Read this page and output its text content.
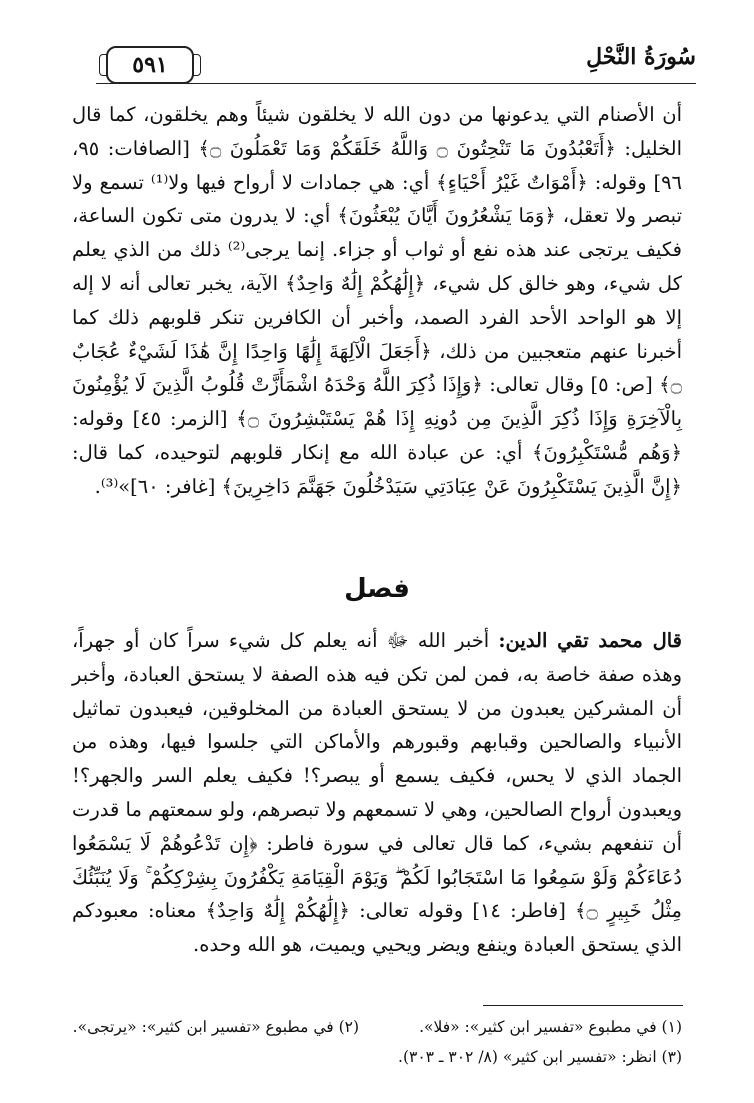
٥٩١	سُورَةُ النَّحْلِ

أن الأصنام التي يدعونها من دون الله لا يخلقون شيئاً وهم يخلقون، كما قال الخليل: ﴿أَتَعْبُدُونَ مَا تَنْحِتُونَ ۝ وَاللَّهُ خَلَقَكُمْ وَمَا تَعْمَلُونَ ۝﴾ [الصافات: ٩٥، ٩٦] وقوله: ﴿أَمْوَاتٌ غَيْرُ أَحْيَاءٍ﴾ أي: هي جمادات لا أرواح فيها ولا⁽¹⁾ تسمع ولا تبصر ولا تعقل، ﴿وَمَا يَشْعُرُونَ أَيَّانَ يُبْعَثُونَ﴾ أي: لا يدرون متى تكون الساعة، فكيف يرتجى عند هذه نفع أو ثواب أو جزاء. إنما يرجى⁽²⁾ ذلك من الذي يعلم كل شيء، وهو خالق كل شيء، ﴿إِلَٰهُكُمْ إِلَٰهٌ وَاحِدٌ﴾ الآية، يخبر تعالى أنه لا إله إلا هو الواحد الأحد الفرد الصمد، وأخبر أن الكافرين تنكر قلوبهم ذلك كما أخبرنا عنهم متعجبين من ذلك، ﴿أَجَعَلَ الْآلِهَةَ إِلَٰهًا وَاحِدًا إِنَّ هَٰذَا لَشَيْءٌ عُجَابٌ ۝﴾ [ص: ٥] وقال تعالى: ﴿وَإِذَا ذُكِرَ اللَّهُ وَحْدَهُ اشْمَأَزَّتْ قُلُوبُ الَّذِينَ لَا يُؤْمِنُونَ بِالْآخِرَةِ وَإِذَا ذُكِرَ الَّذِينَ مِن دُونِهِ إِذَا هُمْ يَسْتَبْشِرُونَ ۝﴾ [الزمر: ٤٥] وقوله: ﴿وَهُم مُّسْتَكْبِرُونَ﴾ أي: عن عبادة الله مع إنكار قلوبهم لتوحيده، كما قال: ﴿إِنَّ الَّذِينَ يَسْتَكْبِرُونَ عَنْ عِبَادَتِي سَيَدْخُلُونَ جَهَنَّمَ دَاخِرِينَ﴾ [غافر: ٦٠]»⁽³⁾.

فصل

قال محمد تقي الدين: أخبر الله ﷻ أنه يعلم كل شيء سراً كان أو جهراً، وهذه صفة خاصة به، فمن لمن تكن فيه هذه الصفة لا يستحق العبادة، وأخبر أن المشركين يعبدون من لا يستحق العبادة من المخلوقين، فيعبدون تماثيل الأنبياء والصالحين وقبابهم وقبورهم والأماكن التي جلسوا فيها، وهذه من الجماد الذي لا يحس، فكيف يسمع أو يبصر؟! فكيف يعلم السر والجهر؟! ويعبدون أرواح الصالحين، وهي لا تسمعهم ولا تبصرهم، ولو سمعتهم ما قدرت أن تنفعهم بشيء، كما قال تعالى في سورة فاطر: ﴿إِن تَدْعُوهُمْ لَا يَسْمَعُوا دُعَاءَكُمْ وَلَوْ سَمِعُوا مَا اسْتَجَابُوا لَكُمْ ۖ وَيَوْمَ الْقِيَامَةِ يَكْفُرُونَ بِشِرْكِكُمْ ۚ وَلَا يُنَبِّئُكَ مِثْلُ خَبِيرٍ ۝﴾ [فاطر: ١٤] وقوله تعالى: ﴿إِلَٰهُكُمْ إِلَٰهٌ وَاحِدٌ﴾ معناه: معبودكم الذي يستحق العبادة وينفع ويضر ويحيي ويميت، هو الله وحده.

(١) في مطبوع «تفسير ابن كثير»: «فلا».
(٢) في مطبوع «تفسير ابن كثير»: «يرتجى».
(٣) انظر: «تفسير ابن كثير» (٨/ ٣٠٢ ـ ٣٠٣).
